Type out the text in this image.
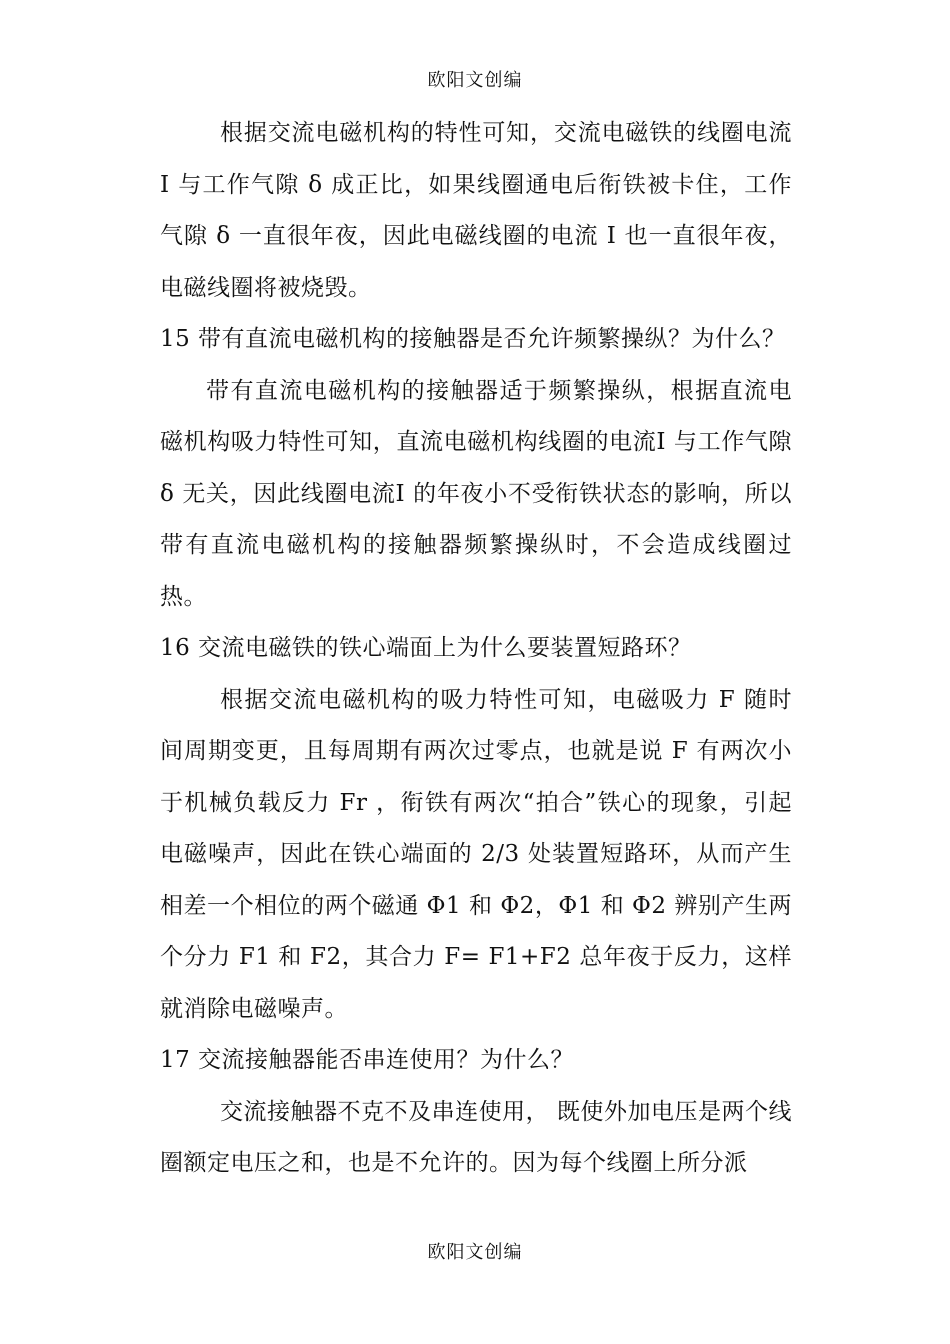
欧阳文创编

根据交流电磁机构的特性可知，交流电磁铁的线圈电流I 与工作气隙 δ 成正比，如果线圈通电后衔铁被卡住，工作气隙 δ 一直很年夜，因此电磁线圈的电流 I 也一直很年夜，电磁线圈将被烧毁。

15 带有直流电磁机构的接触器是否允许频繁操纵？为什么？

带有直流电磁机构的接触器适于频繁操纵，根据直流电磁机构吸力特性可知，直流电磁机构线圈的电流I 与工作气隙 δ 无关，因此线圈电流I 的年夜小不受衔铁状态的影响，所以带有直流电磁机构的接触器频繁操纵时，不会造成线圈过热。

16 交流电磁铁的铁心端面上为什么要装置短路环？

根据交流电磁机构的吸力特性可知，电磁吸力 F 随时间周期变更，且每周期有两次过零点，也就是说 F 有两次小于机械负载反力 Fr ，衔铁有两次“拍合”铁心的现象，引起电磁噪声，因此在铁心端面的 2/3 处装置短路环，从而产生相差一个相位的两个磁通 Φ1 和 Φ2，Φ1 和 Φ2 辨别产生两个分力 F1 和 F2，其合力 F= F1+F2 总年夜于反力，这样就消除电磁噪声。

17 交流接触器能否串连使用？为什么？

交流接触器不克不及串连使用， 既使外加电压是两个线圈额定电压之和，也是不允许的。因为每个线圈上所分派

欧阳文创编
